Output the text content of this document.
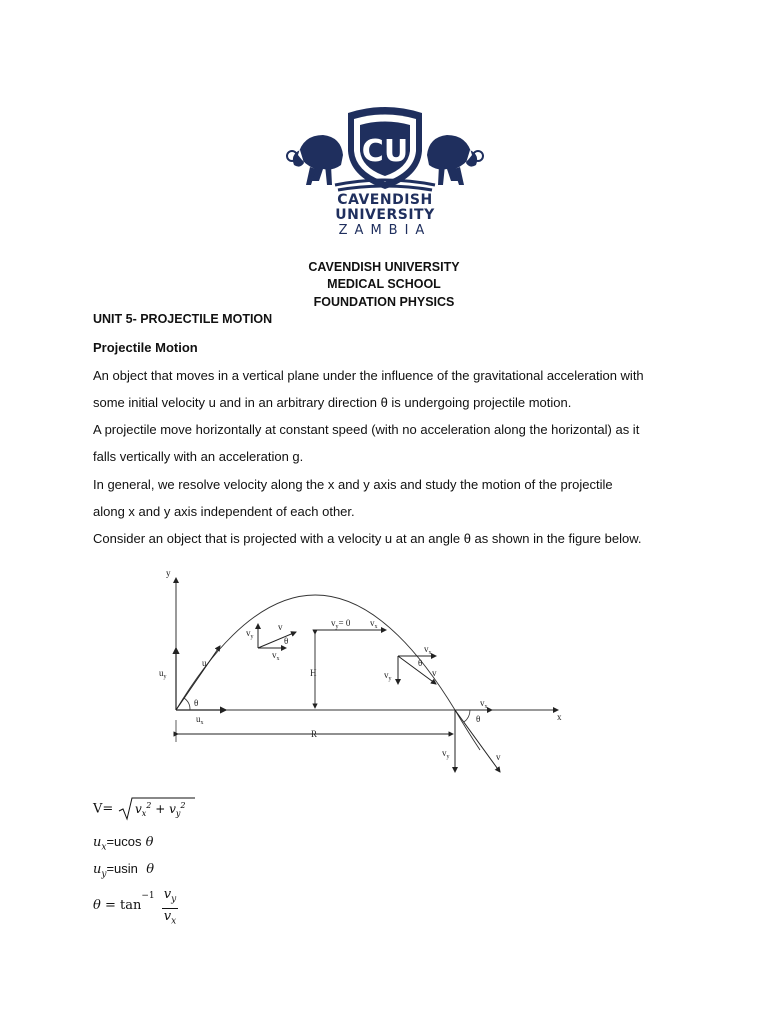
CU
CAVENDISH
UNIVERSITY
ZAMBIA
CAVENDISH UNIVERSITY
MEDICAL SCHOOL
FOUNDATION PHYSICS
UNIT 5- PROJECTILE MOTION
Projectile Motion
An object that moves in a vertical plane under the influence of the gravitational acceleration with
some initial velocity u and in an arbitrary direction θ is undergoing projectile motion.
A projectile move horizontally at constant speed (with no acceleration along the horizontal) as it
falls vertically with an acceleration g.
In general, we resolve velocity along the x and y axis and study the motion of the projectile
along x and y axis independent of each other.
Consider an object that is projected with a velocity u at an angle θ as shown in the figure below.
y
x
u
$u_y$
$u_x$
θ
$v_y$
v
$v_x$
θ
$v_y= 0$ $v_x$
H
$v_x$
$v_y$
θ
v
$v_x$
θ
$v_y$	v
R
$V= v_x^2 + v_y^2$
$u_x=ucos$ θ
$u_y=usin$ θ
$\theta = \tan^{-1} \frac{v_y}{v_x}$
